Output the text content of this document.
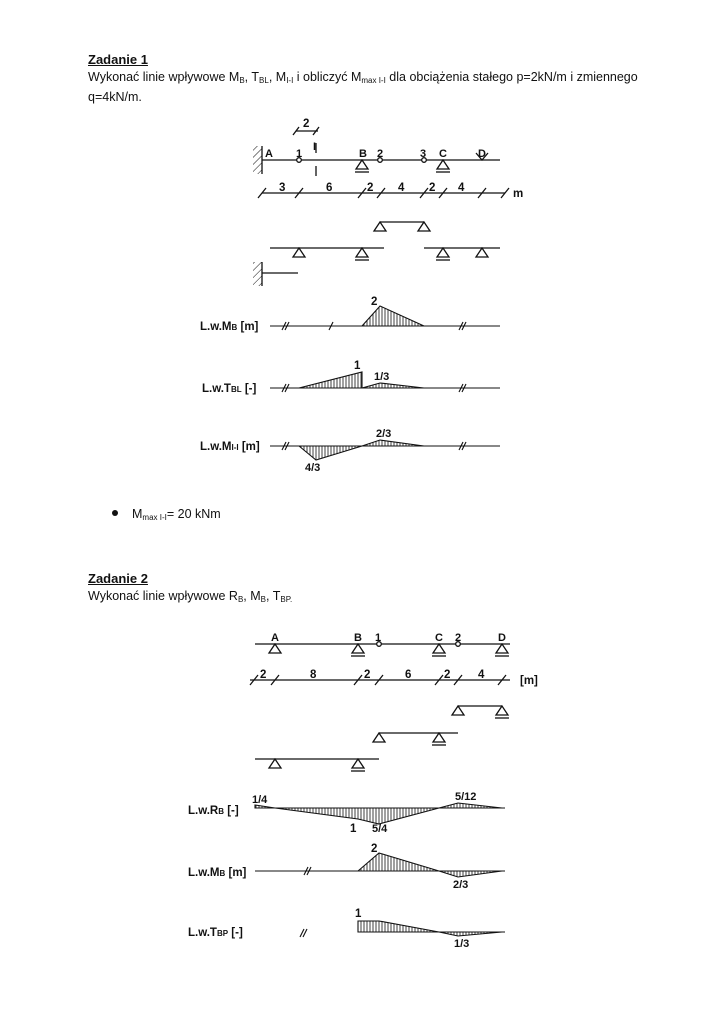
Zadanie 1
Wykonać linie wpływowe $M_B$, $T_{BL}$, $M_{I-I}$ i obliczyć $M_{max I-I}$ dla obciążenia stałego p=2kN/m i zmiennego
q=4kN/m.
$M_{max I-I}= 20$ kNm
Zadanie 2
Wykonać linie wpływowe $R_B$, $M_B$, $T_{BP.}$
A	B	C	D
1	2	3
I
2
3	6	2 4 2 4	m
L.w.MB [m]
2
L.w.TBL [-]
1
1/3
L.w.MI-I [m]
2/3
4/3
A	B	C	D
1	2
2	8	2	6	2 4	[m]
L.w.RB [-]
1/4
1 5/4
5/12
L.w.MB [m]
2
2/3
L.w.TBP [-]
1
1/3
